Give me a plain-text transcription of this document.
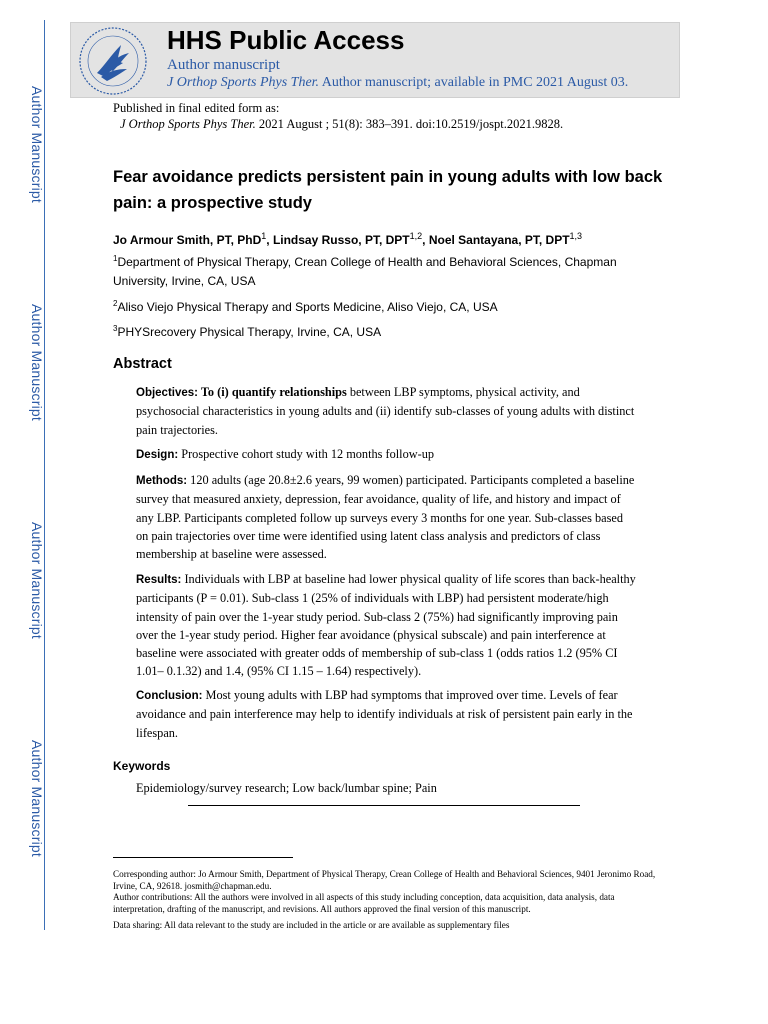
Author Manuscript
Author Manuscript
Author Manuscript
Author Manuscript
HHS Public Access
Author manuscript
J Orthop Sports Phys Ther. Author manuscript; available in PMC 2021 August 03.
Published in final edited form as:
J Orthop Sports Phys Ther. 2021 August ; 51(8): 383–391. doi:10.2519/jospt.2021.9828.
Fear avoidance predicts persistent pain in young adults with low back pain: a prospective study
Jo Armour Smith, PT, PhD$^1$, Lindsay Russo, PT, DPT$^{1,2}$, Noel Santayana, PT, DPT$^{1,3}$
$^1$Department of Physical Therapy, Crean College of Health and Behavioral Sciences, Chapman University, Irvine, CA, USA
$^2$Aliso Viejo Physical Therapy and Sports Medicine, Aliso Viejo, CA, USA
$^3$PHYSrecovery Physical Therapy, Irvine, CA, USA
Abstract
Objectives: To (i) quantify relationships between LBP symptoms, physical activity, and psychosocial characteristics in young adults and (ii) identify sub-classes of young adults with distinct pain trajectories.
Design: Prospective cohort study with 12 months follow-up
Methods: 120 adults (age 20.8±2.6 years, 99 women) participated. Participants completed a baseline survey that measured anxiety, depression, fear avoidance, quality of life, and history and impact of any LBP. Participants completed follow up surveys every 3 months for one year. Sub-classes based on pain trajectories over time were identified using latent class analysis and predictors of class membership at baseline were assessed.
Results: Individuals with LBP at baseline had lower physical quality of life scores than back-healthy participants (P = 0.01). Sub-class 1 (25% of individuals with LBP) had persistent moderate/high intensity of pain over the 1-year study period. Sub-class 2 (75%) had significantly improving pain over the 1-year study period. Higher fear avoidance (physical subscale) and pain interference at baseline were associated with greater odds of membership of sub-class 1 (odds ratios 1.2 (95% CI 1.01– 0.1.32) and 1.4, (95% CI 1.15 – 1.64) respectively).
Conclusion: Most young adults with LBP had symptoms that improved over time. Levels of fear avoidance and pain interference may help to identify individuals at risk of persistent pain early in the lifespan.
Keywords
Epidemiology/survey research; Low back/lumbar spine; Pain
Corresponding author: Jo Armour Smith, Department of Physical Therapy, Crean College of Health and Behavioral Sciences, 9401 Jeronimo Road, Irvine, CA, 92618. josmith@chapman.edu.
Author contributions: All the authors were involved in all aspects of this study including conception, data acquisition, data analysis, data interpretation, drafting of the manuscript, and revisions. All authors approved the final version of this manuscript.
Data sharing: All data relevant to the study are included in the article or are available as supplementary files
